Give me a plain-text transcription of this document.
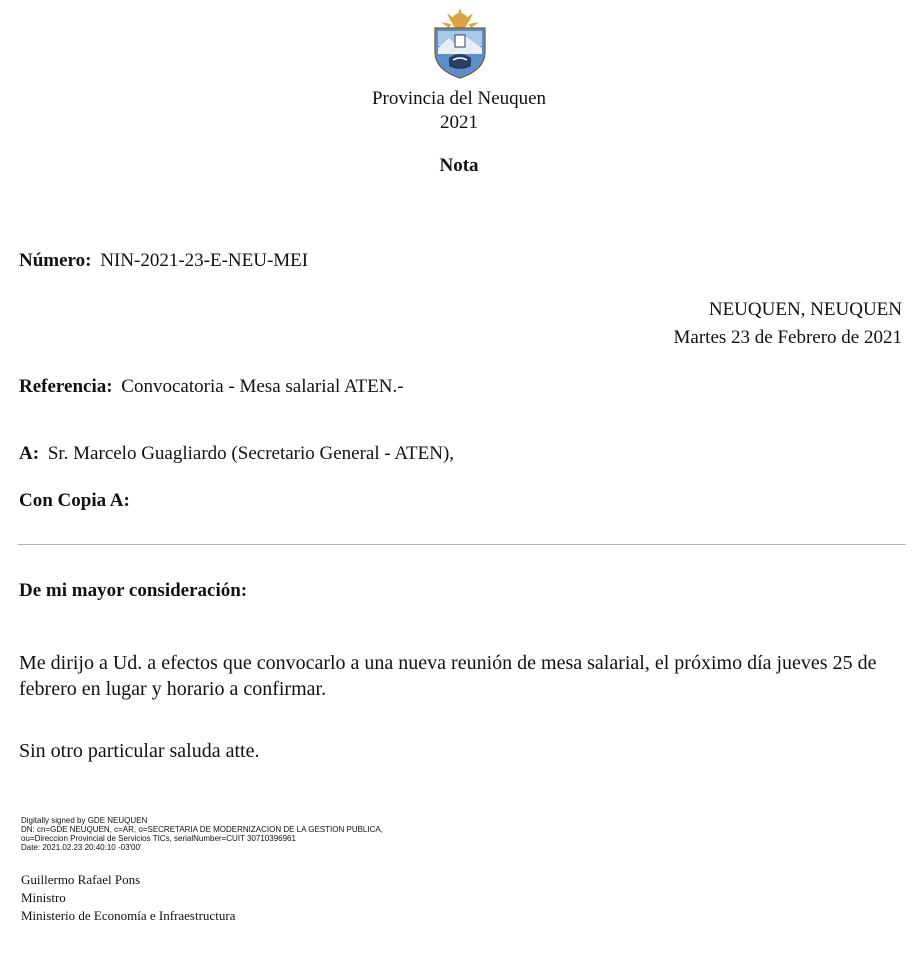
Provincia del Neuquen
2021
Nota
Número: NIN-2021-23-E-NEU-MEI
NEUQUEN, NEUQUEN
Martes 23 de Febrero de 2021
Referencia: Convocatoria - Mesa salarial ATEN.-
A: Sr. Marcelo Guagliardo (Secretario General - ATEN),
Con Copia A:
De mi mayor consideración:
Me dirijo a Ud. a efectos que convocarlo a una nueva reunión de mesa salarial, el próximo día jueves 25 de febrero en lugar y horario a confirmar.
Sin otro particular saluda atte.
Digitally signed by GDE NEUQUEN
DN: cn=GDE NEUQUEN, c=AR, o=SECRETARIA DE MODERNIZACION DE LA GESTION PUBLICA,
ou=Direccion Provincial de Servicios TICs, serialNumber=CUIT 30710396961
Date: 2021.02.23 20:40:10 -03'00'
Guillermo Rafael Pons
Ministro
Ministerio de Economía e Infraestructura
